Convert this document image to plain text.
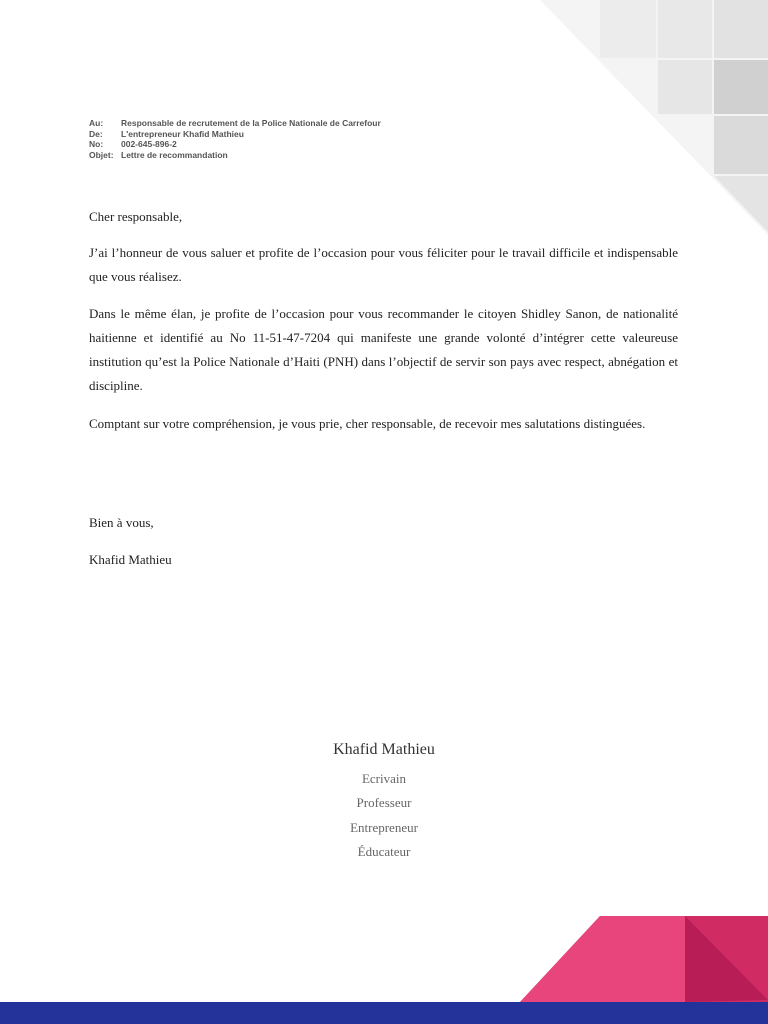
Au:	Responsable de recrutement de la Police Nationale de Carrefour
De:	L'entrepreneur Khafid Mathieu
No:	002-645-896-2
Objet: Lettre de recommandation

Cher responsable,

J’ai l’honneur de vous saluer et profite de l’occasion pour vous féliciter pour le travail difficile et indispensable que vous réalisez.

Dans le même élan, je profite de l’occasion pour vous recommander le citoyen Shidley Sanon, de nationalité haitienne et identifié au No 11-51-47-7204 qui manifeste une grande volonté d’intégrer cette valeureuse institution qu’est la Police Nationale d’Haiti (PNH) dans l’objectif de servir son pays avec respect, abnégation et discipline.

Comptant sur votre compréhension, je vous prie, cher responsable, de recevoir mes salutations distinguées.

Bien à vous,

Khafid Mathieu

Khafid Mathieu
Ecrivain
Professeur
Entrepreneur
Éducateur
